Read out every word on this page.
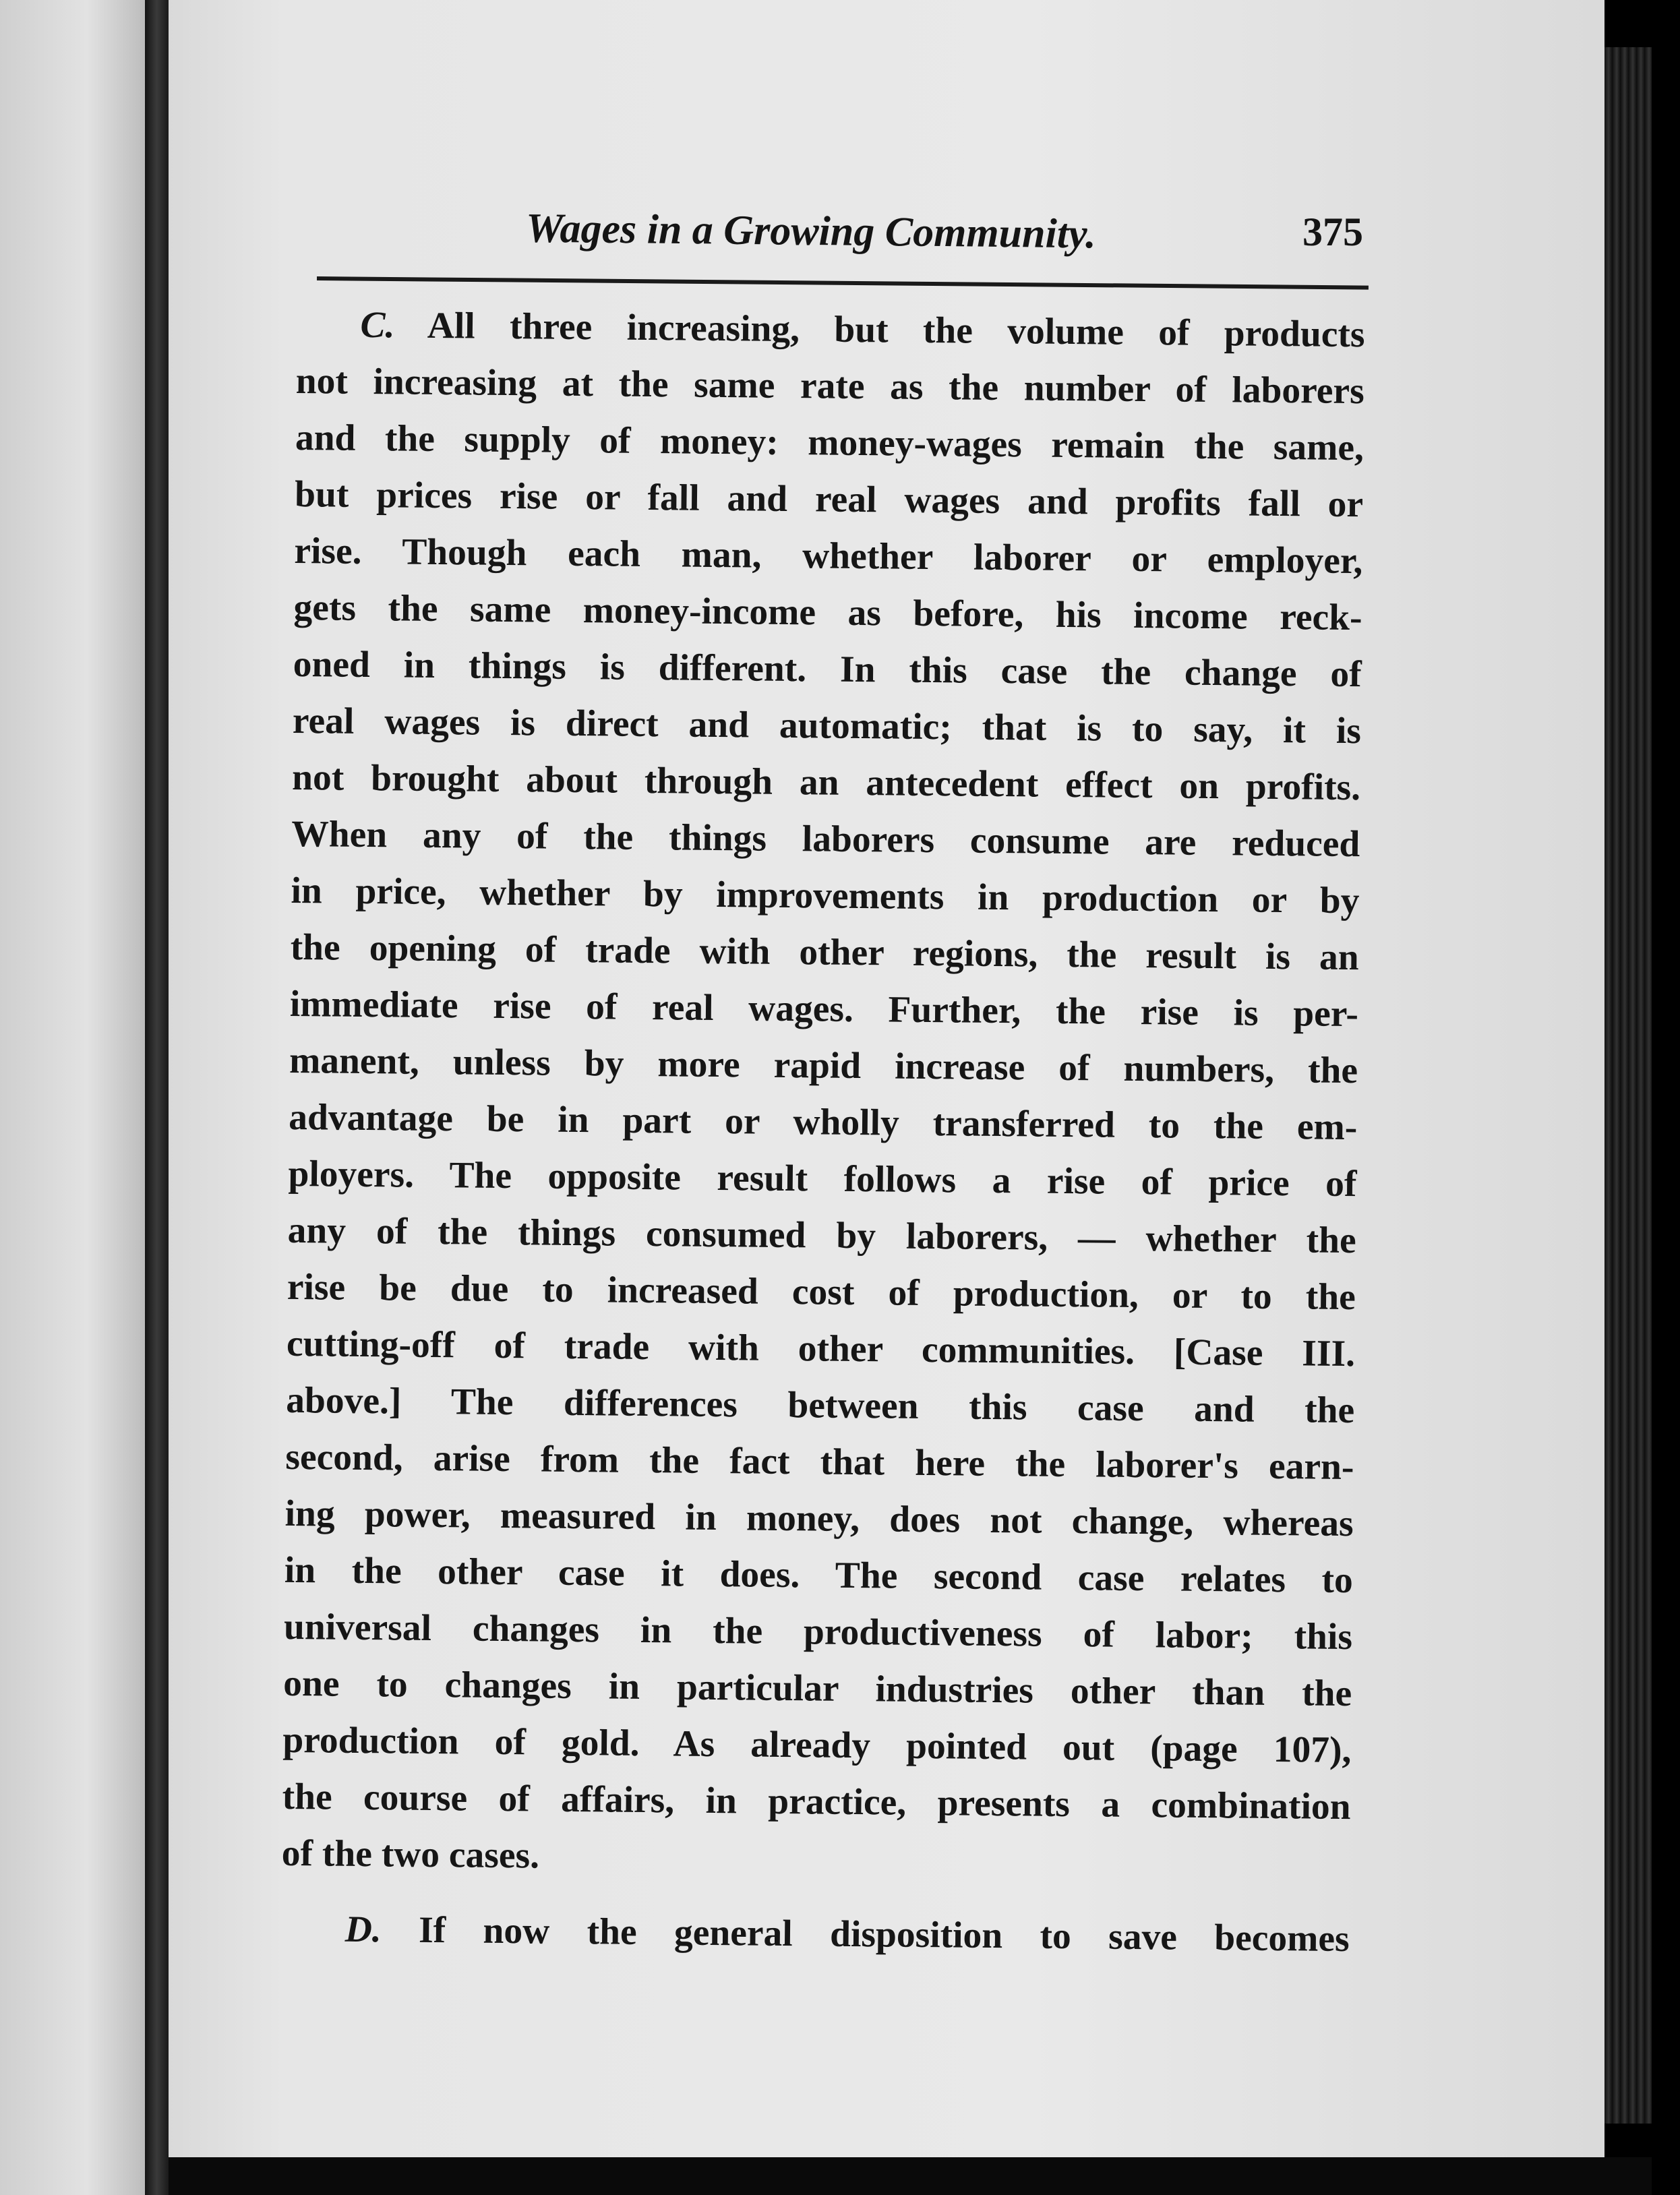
Wages in a Growing Community.	375
C. All three increasing, but the volume of products
not increasing at the same rate as the number of laborers
and the supply of money: money-wages remain the same,
but prices rise or fall and real wages and profits fall or
rise. Though each man, whether laborer or employer,
gets the same money-income as before, his income reck-
oned in things is different. In this case the change of
real wages is direct and automatic; that is to say, it is
not brought about through an antecedent effect on profits.
When any of the things laborers consume are reduced
in price, whether by improvements in production or by
the opening of trade with other regions, the result is an
immediate rise of real wages. Further, the rise is per-
manent, unless by more rapid increase of numbers, the
advantage be in part or wholly transferred to the em-
ployers. The opposite result follows a rise of price of
any of the things consumed by laborers, — whether the
rise be due to increased cost of production, or to the
cutting-off of trade with other communities. [Case III.
above.] The differences between this case and the
second, arise from the fact that here the laborer's earn-
ing power, measured in money, does not change, whereas
in the other case it does. The second case relates to
universal changes in the productiveness of labor; this
one to changes in particular industries other than the
production of gold. As already pointed out (page 107),
the course of affairs, in practice, presents a combination
of the two cases.
D. If now the general disposition to save becomes
